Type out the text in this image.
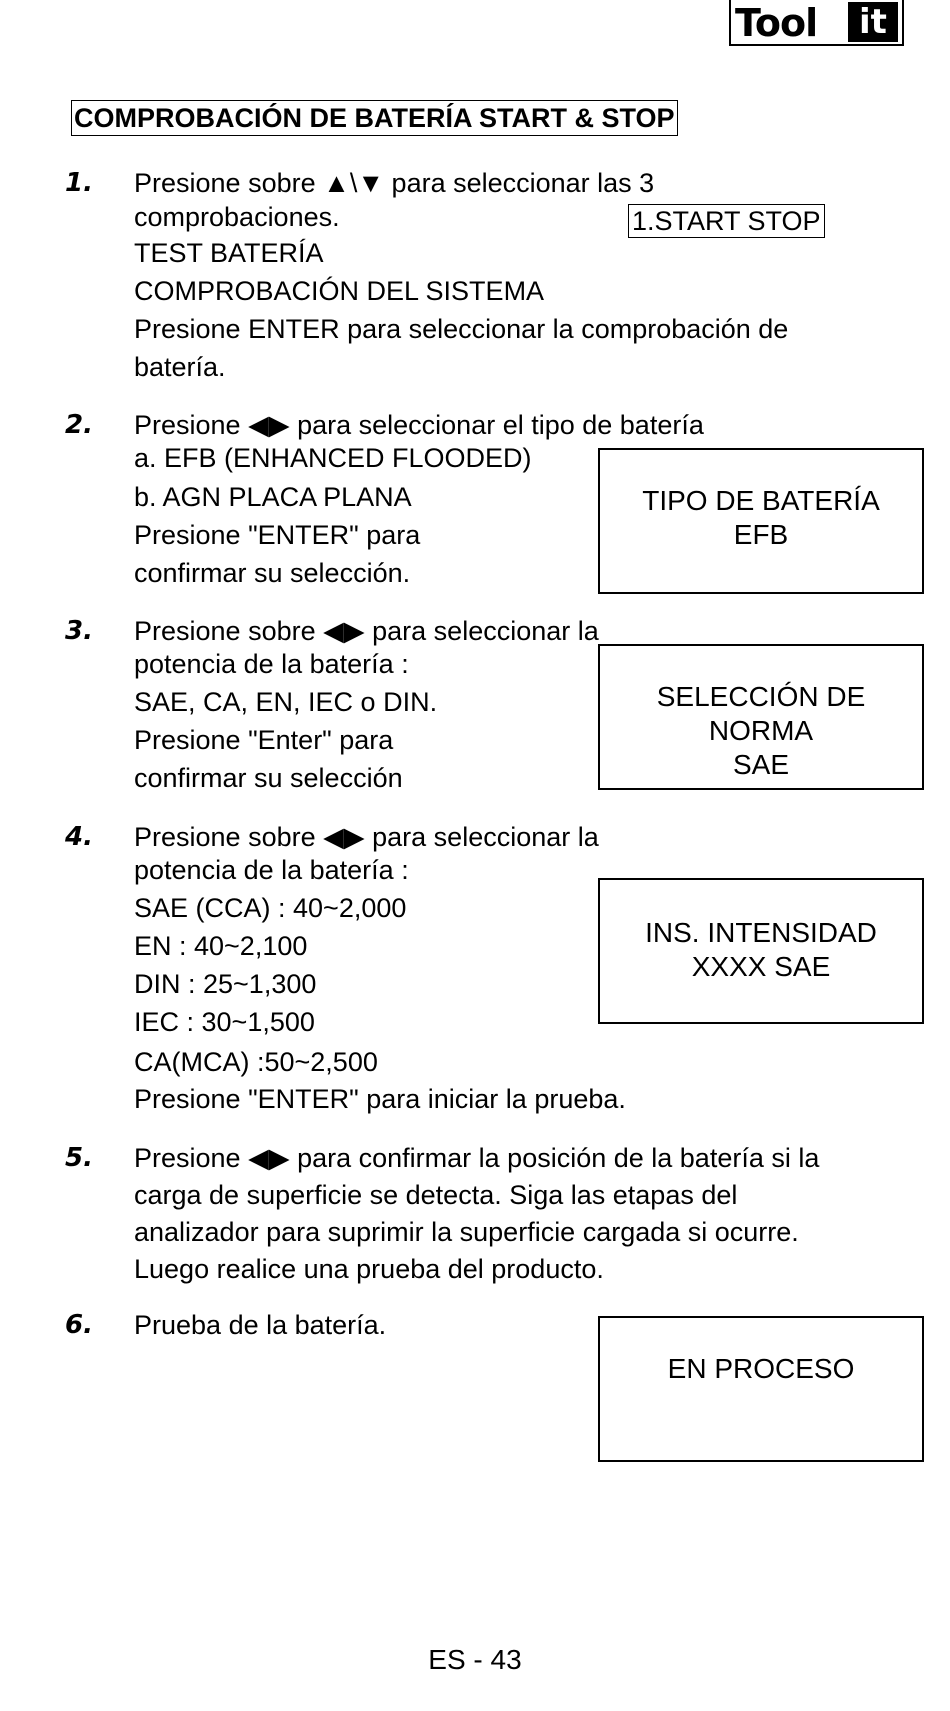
Tool	it
COMPROBACIÓN DE BATERÍA START & STOP
1. Presione sobre ▲\▼ para seleccionar las 3
comprobaciones.	1.START STOP
TEST BATERÍA
COMPROBACIÓN DEL SISTEMA
Presione ENTER para seleccionar la comprobación de
batería.
2. Presione ◀▶ para seleccionar el tipo de batería
a. EFB (ENHANCED FLOODED)
b. AGN PLACA PLANA
Presione "ENTER" para
confirmar su selección.
TIPO DE BATERÍA
EFB
3. Presione sobre ◀▶ para seleccionar la
potencia de la batería :
SAE, CA, EN, IEC o DIN.
Presione "Enter" para
confirmar su selección
SELECCIÓN DE
NORMA
SAE
4. Presione sobre ◀▶ para seleccionar la
potencia de la batería :
SAE (CCA) : 40~2,000
EN : 40~2,100
DIN : 25~1,300
IEC : 30~1,500
CA(MCA) :50~2,500
Presione "ENTER" para iniciar la prueba.
INS. INTENSIDAD
XXXX SAE
5. Presione ◀▶ para confirmar la posición de la batería si la
carga de superficie se detecta. Siga las etapas del
analizador para suprimir la superficie cargada si ocurre.
Luego realice una prueba del producto.
6. Prueba de la batería.
EN PROCESO
ES - 43
